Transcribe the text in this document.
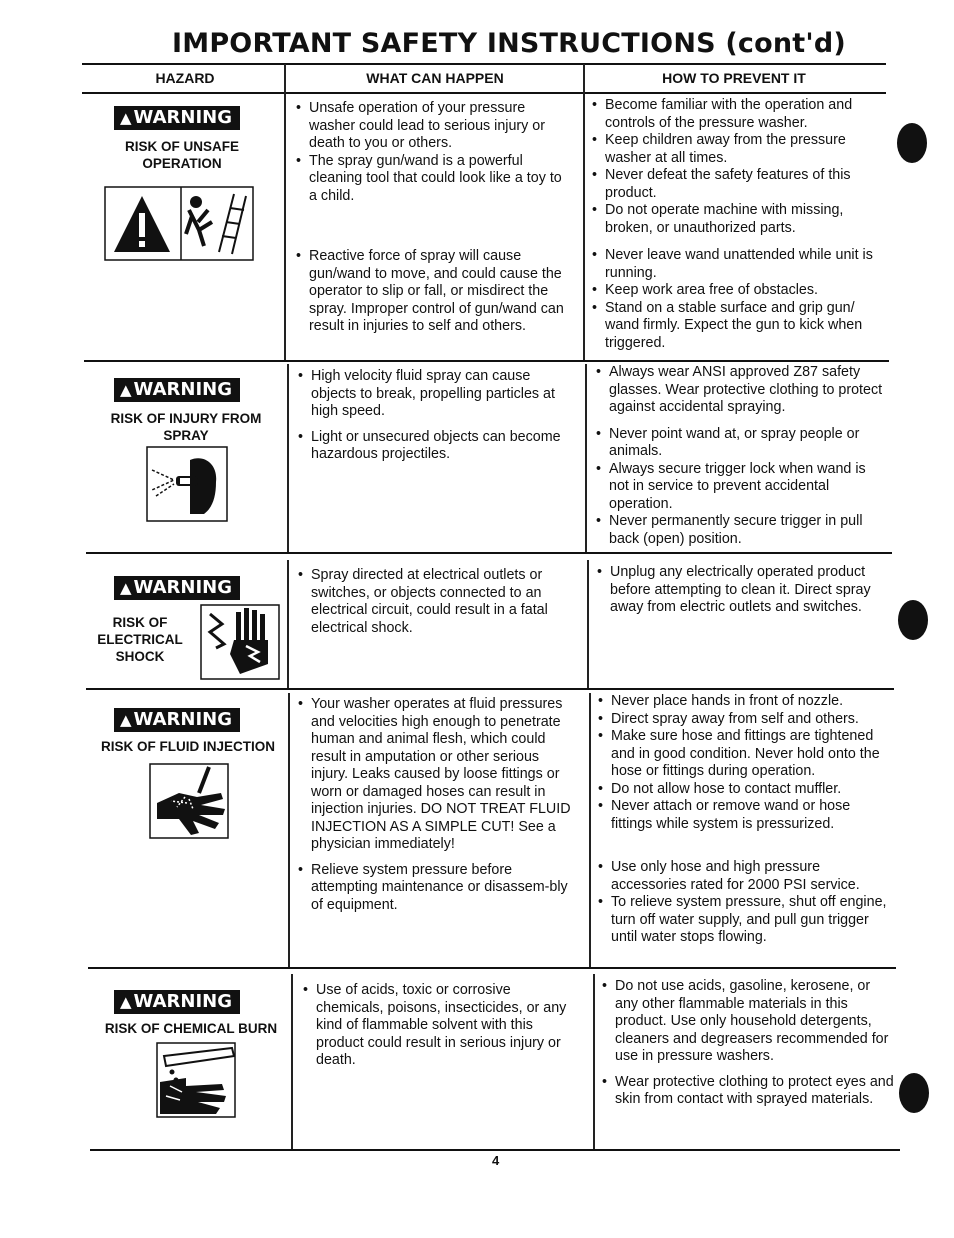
IMPORTANT SAFETY INSTRUCTIONS (cont'd)
HAZARD	WHAT CAN HAPPEN	HOW TO PREVENT IT
▲ WARNING
RISK OF UNSAFE OPERATION
• Unsafe operation of your pressure washer could lead to serious injury or death to you or others.
• The spray gun/wand is a powerful cleaning tool that could look like a toy to a child.
• Reactive force of spray will cause gun/wand to move, and could cause the operator to slip or fall, or misdirect the spray. Improper control of gun/wand can result in injuries to self and others.
• Become familiar with the operation and controls of the pressure washer.
• Keep children away from the pressure washer at all times.
• Never defeat the safety features of this product.
• Do not operate machine with missing, broken, or unauthorized parts.
• Never leave wand unattended while unit is running.
• Keep work area free of obstacles.
• Stand on a stable surface and grip gun/ wand firmly. Expect the gun to kick when triggered.
▲ WARNING
RISK OF INJURY FROM SPRAY
• High velocity fluid spray can cause objects to break, propelling particles at high speed.
• Light or unsecured objects can become hazardous projectiles.
• Always wear ANSI approved Z87 safety glasses. Wear protective clothing to protect against accidental spraying.
• Never point wand at, or spray people or animals.
• Always secure trigger lock when wand is not in service to prevent accidental operation.
• Never permanently secure trigger in pull back (open) position.
▲ WARNING
RISK OF ELECTRICAL SHOCK
• Spray directed at electrical outlets or switches, or objects connected to an electrical circuit, could result in a fatal electrical shock.
• Unplug any electrically operated product before attempting to clean it. Direct spray away from electric outlets and switches.
▲ WARNING
RISK OF FLUID INJECTION
• Your washer operates at fluid pressures and velocities high enough to penetrate human and animal flesh, which could result in amputation or other serious injury. Leaks caused by loose fittings or worn or damaged hoses can result in injection injuries. DO NOT TREAT FLUID INJECTION AS A SIMPLE CUT! See a physician immediately!
• Relieve system pressure before attempting maintenance or disassem-bly of equipment.
• Never place hands in front of nozzle.
• Direct spray away from self and others.
• Make sure hose and fittings are tightened and in good condition. Never hold onto the hose or fittings during operation.
• Do not allow hose to contact muffler.
• Never attach or remove wand or hose fittings while system is pressurized.
• Use only hose and high pressure accessories rated for 2000 PSI service.
• To relieve system pressure, shut off engine, turn off water supply, and pull gun trigger until water stops flowing.
▲ WARNING
RISK OF CHEMICAL BURN
• Use of acids, toxic or corrosive chemicals, poisons, insecticides, or any kind of flammable solvent with this product could result in serious injury or death.
• Do not use acids, gasoline, kerosene, or any other flammable materials in this product. Use only household detergents, cleaners and degreasers recommended for use in pressure washers.
• Wear protective clothing to protect eyes and skin from contact with sprayed materials.
4
